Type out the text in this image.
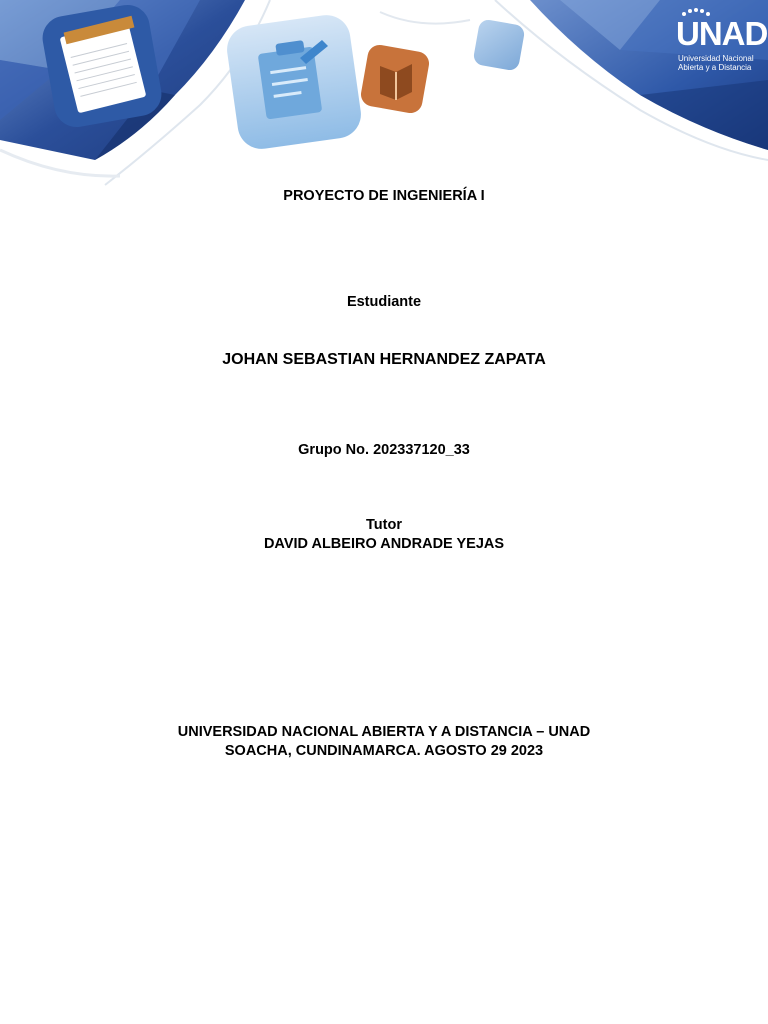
UNAD
Universidad Nacional
Abierta y a Distancia
PROYECTO DE INGENIERÍA I
Estudiante
JOHAN SEBASTIAN HERNANDEZ ZAPATA
Grupo No. 202337120_33
Tutor
DAVID ALBEIRO ANDRADE YEJAS
UNIVERSIDAD NACIONAL ABIERTA Y A DISTANCIA – UNAD
SOACHA, CUNDINAMARCA. AGOSTO 29 2023
